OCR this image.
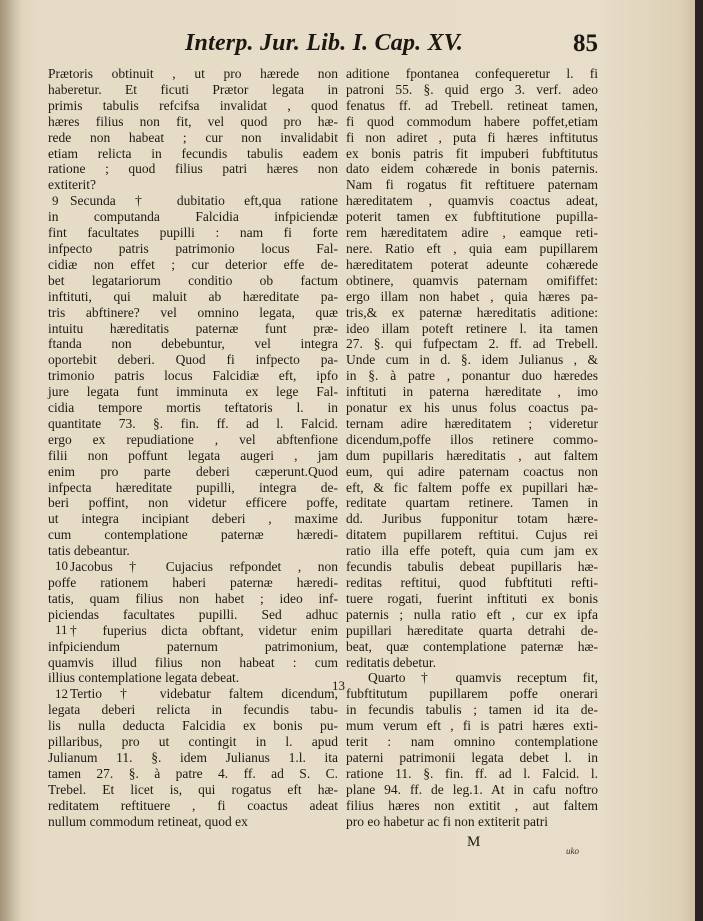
Interp. Jur. Lib. I. Cap. XV.	85
Prætoris obtinuit , ut pro hærede non
haberetur. Et ficuti Prætor legata in
primis tabulis refcifsa invalidat , quod
hæres filius non fit, vel quod pro hæ-
rede non habeat ; cur non invalidabit
etiam relicta in fecundis tabulis eadem
ratione ; quod filius patri hæres non
extiterit?
Secunda † dubitatio eft,qua ratione
in computanda Falcidia infpiciendæ
fint facultates pupilli : nam fi forte
infpecto patris patrimonio locus Fal-
cidiæ non effet ; cur deterior effe de-
bet legatariorum conditio ob factum
inftituti, qui maluit ab hæreditate pa-
tris abftinere? vel omnino legata, quæ
intuitu hæreditatis paternæ funt præ-
ftanda non debebuntur, vel integra
oportebit deberi. Quod fi infpecto pa-
trimonio patris locus Falcidiæ eft, ipfo
jure legata funt imminuta ex lege Fal-
cidia tempore mortis teftatoris l. in
quantitate 73. §. fin. ff. ad l. Falcid.
ergo ex repudiatione , vel abftenfione
filii non poffunt legata augeri , jam
enim pro parte deberi cæperunt.Quod
infpecta hæreditate pupilli, integra de-
beri poffint, non videtur efficere poffe,
ut integra incipiant deberi , maxime
cum contemplatione paternæ hæredi-
tatis debeantur.
Jacobus † Cujacius refpondet , non
poffe rationem haberi paternæ hæredi-
tatis, quam filius non habet ; ideo inf-
piciendas facultates pupilli. Sed adhuc
† fuperius dicta obftant, videtur enim
infpiciendum paternum patrimonium,
quamvis illud filius non habeat : cum
illius contemplatione legata debeat.
Tertio † videbatur faltem dicendum,
legata deberi relicta in fecundis tabu-
lis nulla deducta Falcidia ex bonis pu-
pillaribus, pro ut contingit in l. apud
Julianum 11. §. idem Julianus 1.l. ita
tamen 27. §. à patre 4. ff. ad S. C.
Trebel. Et licet is, qui rogatus eft hæ-
reditatem reftituere , fi coactus adeat
nullum commodum retineat, quod ex
aditione fpontanea confequeretur l. fi
patroni 55. §. quid ergo 3. verf. adeo
fenatus ff. ad Trebell. retineat tamen,
fi quod commodum habere poffet,etiam
fi non adiret , puta fi hæres inftitutus
ex bonis patris fit impuberi fubftitutus
dato eidem cohærede in bonis paternis.
Nam fi rogatus fit reftituere paternam
hæreditatem , quamvis coactus adeat,
poterit tamen ex fubftitutione pupilla-
rem hæreditatem adire , eamque reti-
nere. Ratio eft , quia eam pupillarem
hæreditatem poterat adeunte cohærede
obtinere, quamvis paternam omififfet:
ergo illam non habet , quia hæres pa-
tris,& ex paternæ hæreditatis aditione:
ideo illam poteft retinere l. ita tamen
27. §. qui fufpectam 2. ff. ad Trebell.
Unde cum in d. §. idem Julianus , &
in §. à patre , ponantur duo hæredes
inftituti in paterna hæreditate , imo
ponatur ex his unus folus coactus pa-
ternam adire hæreditatem ; videretur
dicendum,poffe illos retinere commo-
dum pupillaris hæreditatis , aut faltem
eum, qui adire paternam coactus non
eft, & fic faltem poffe ex pupillari hæ-
reditate quartam retinere. Tamen in
dd. Juribus fupponitur totam hære-
ditatem pupillarem reftitui. Cujus rei
ratio illa effe poteft, quia cum jam ex
fecundis tabulis debeat pupillaris hæ-
reditas reftitui, quod fubftituti refti-
tuere rogati, fuerint inftituti ex bonis
paternis ; nulla ratio eft , cur ex ipfa
pupillari hæreditate quarta detrahi de-
beat, quæ contemplatione paternæ hæ-
reditatis debetur.
Quarto † quamvis receptum fit,
fubftitutum pupillarem poffe onerari
in fecundis tabulis ; tamen id ita de-
mum verum eft , fi is patri hæres exti-
terit : nam omnino contemplatione
paterni patrimonii legata debet l. in
ratione 11. §. fin. ff. ad l. Falcid. l.
plane 94. ff. de leg.1. At in cafu noftro
filius hæres non extitit , aut faltem
pro eo habetur ac fi non extiterit patri
9
10
11
12
13
M
uko
